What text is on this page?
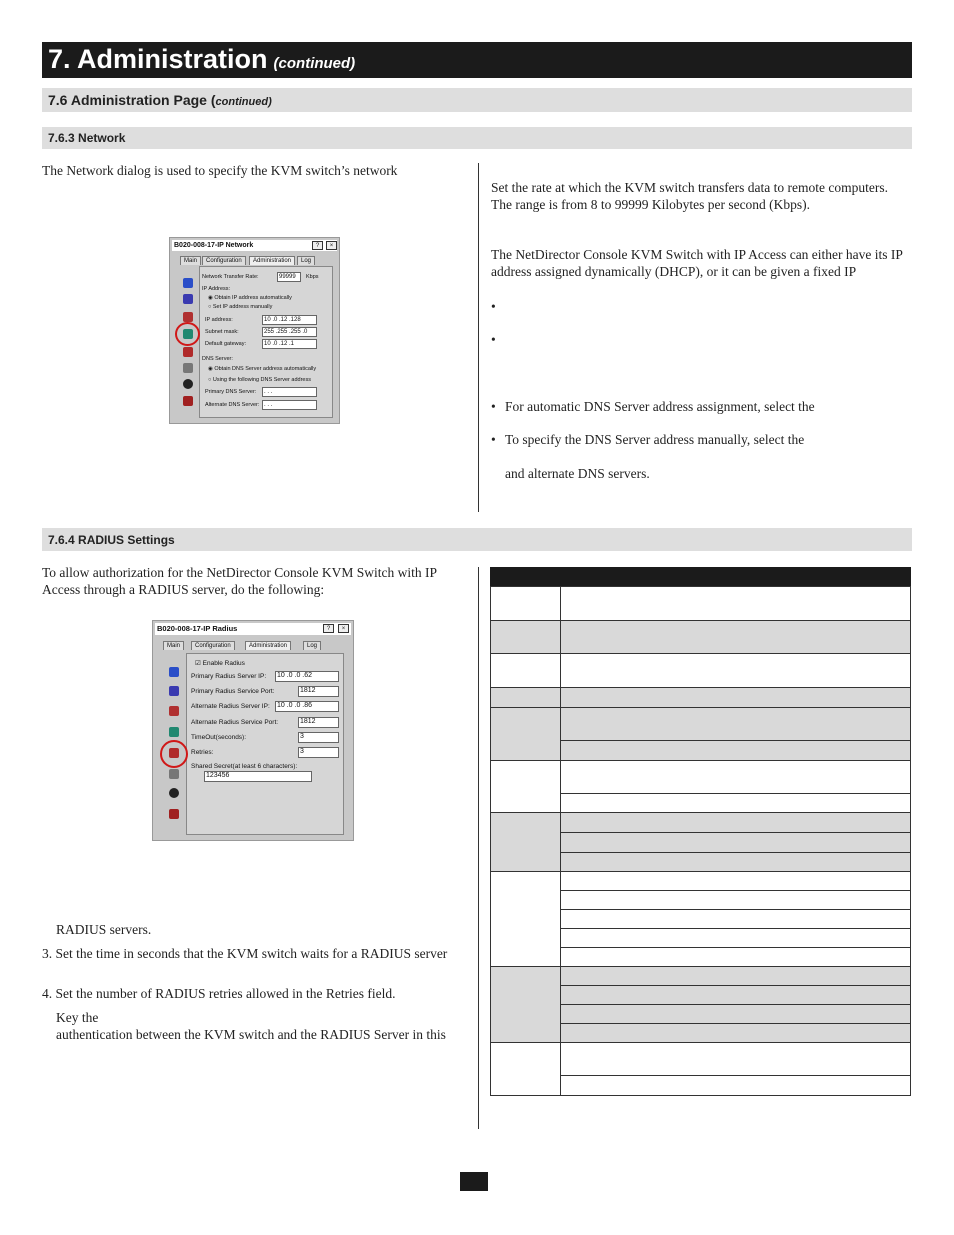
7. Administration (continued)
7.6 Administration Page (continued)
7.6.3 Network
The Network dialog is used to specify the KVM switch’s network
B020-008-17-IP Network	?	×
Main	Configuration	Administration	Log
Network Transfer Rate:	99999	Kbps
IP Address:
◉ Obtain IP address automatically
○ Set IP address manually
IP address:	10 .0 .12 .128
Subnet mask:	255 .255 .255 .0
Default gateway:	10 .0 .12 .1
DNS Server:
◉ Obtain DNS Server address automatically
○ Using the following DNS Server address
Primary DNS Server:	. . .
Alternate DNS Server: . . .
Set the rate at which the KVM switch transfers data to remote computers. The range is from 8 to 99999 Kilobytes per second (Kbps).
The NetDirector Console KVM Switch with IP Access can either have its IP address assigned dynamically (DHCP), or it can be given a fixed IP
•
•
• For automatic DNS Server address assignment, select the
• To specify the DNS Server address manually, select the
and alternate DNS servers.
7.6.4 RADIUS Settings
To allow authorization for the NetDirector Console KVM Switch with IP Access through a RADIUS server, do the following:
B020-008-17-IP Radius	?	×
Main	Configuration	Administration	Log
☑ Enable Radius
Primary Radius Server IP: 10 .0 .0 .62
Primary Radius Service Port:	1812
Alternate Radius Server IP: 10 .0 .0 .86
Alternate Radius Service Port:	1812
TimeOut(seconds):	3
Retries:	3
Shared Secret(at least 6 characters):
123456
RADIUS servers.
3. Set the time in seconds that the KVM switch waits for a RADIUS server
4. Set the number of RADIUS retries allowed in the Retries field.
Key the
authentication between the KVM switch and the RADIUS Server in this
